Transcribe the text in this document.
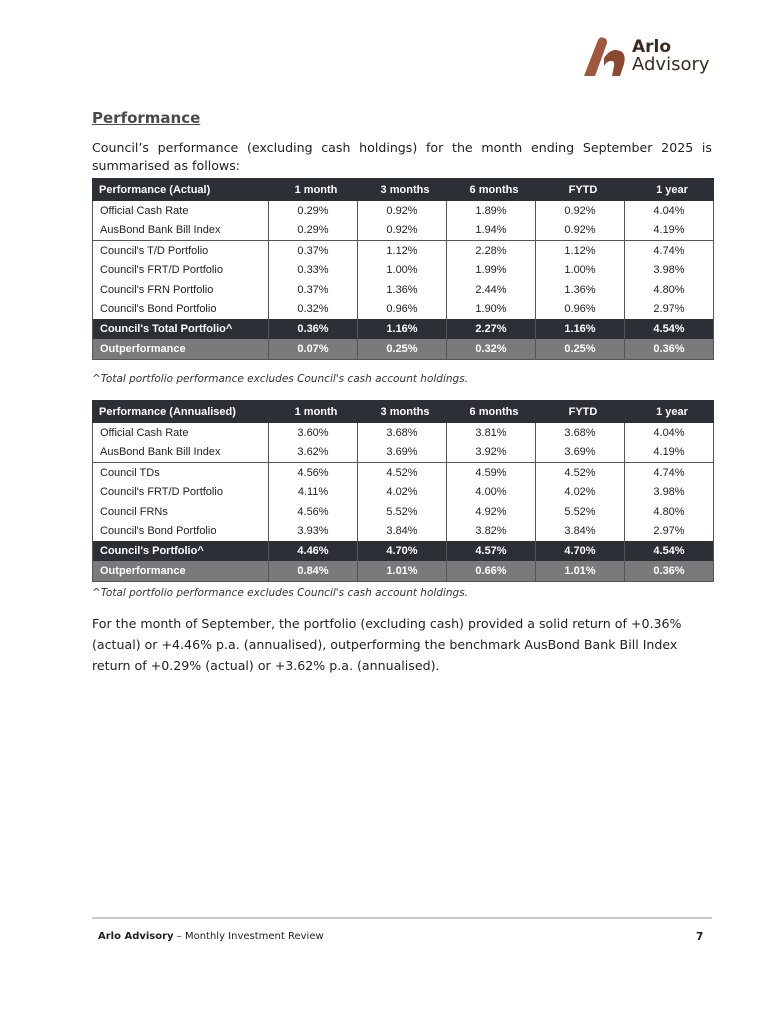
Arlo
Advisory
Performance
Council’s performance (excluding cash holdings) for the month ending September 2025 is summarised as follows:
Performance (Actual)	1 month	3 months	6 months	FYTD	1 year
Official Cash Rate	0.29%	0.92%	1.89%	0.92%	4.04%
AusBond Bank Bill Index	0.29%	0.92%	1.94%	0.92%	4.19%
Council's T/D Portfolio	0.37%	1.12%	2.28%	1.12%	4.74%
Council's FRT/D Portfolio	0.33%	1.00%	1.99%	1.00%	3.98%
Council's FRN Portfolio	0.37%	1.36%	2.44%	1.36%	4.80%
Council's Bond Portfolio	0.32%	0.96%	1.90%	0.96%	2.97%
Council's Total Portfolio^	0.36%	1.16%	2.27%	1.16%	4.54%
Outperformance	0.07%	0.25%	0.32%	0.25%	0.36%
^Total portfolio performance excludes Council's cash account holdings.
Performance (Annualised)	1 month	3 months	6 months	FYTD	1 year
Official Cash Rate	3.60%	3.68%	3.81%	3.68%	4.04%
AusBond Bank Bill Index	3.62%	3.69%	3.92%	3.69%	4.19%
Council TDs	4.56%	4.52%	4.59%	4.52%	4.74%
Council's FRT/D Portfolio	4.11%	4.02%	4.00%	4.02%	3.98%
Council FRNs	4.56%	5.52%	4.92%	5.52%	4.80%
Council's Bond Portfolio	3.93%	3.84%	3.82%	3.84%	2.97%
Council's Portfolio^	4.46%	4.70%	4.57%	4.70%	4.54%
Outperformance	0.84%	1.01%	0.66%	1.01%	0.36%
^Total portfolio performance excludes Council's cash account holdings.
For the month of September, the portfolio (excluding cash) provided a solid return of +0.36% (actual) or +4.46% p.a. (annualised), outperforming the benchmark AusBond Bank Bill Index return of +0.29% (actual) or +3.62% p.a. (annualised).
Arlo Advisory – Monthly Investment Review	7
